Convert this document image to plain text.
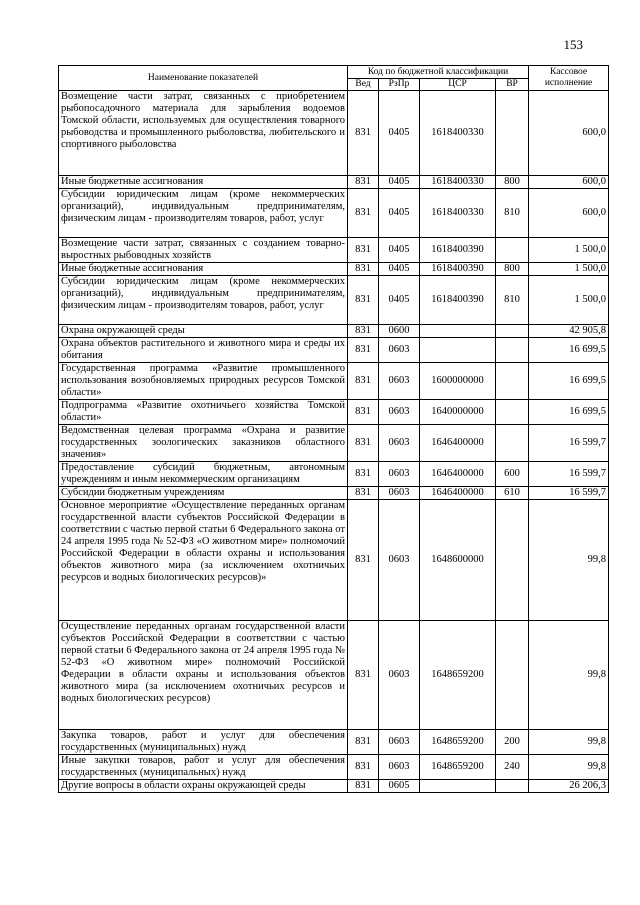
153
Наименование показателей	Код по бюджетной классификации				Кассовое исполнение
	Вед	РзПр	ЦСР	ВР	
Возмещение части затрат, связанных с приобретением рыбопосадочного материала для зарыбления водоемов Томской области, используемых для осуществления товарного рыбоводства и промышленного рыболовства, любительского и спортивного рыболовства	831	0405	1618400330		600,0
Иные бюджетные ассигнования	831	0405	1618400330	800	600,0
Субсидии юридическим лицам (кроме некоммерческих организаций), индивидуальным предпринимателям, физическим лицам - производителям товаров, работ, услуг	831	0405	1618400330	810	600,0
Возмещение части затрат, связанных с созданием товарно-выростных рыбоводных хозяйств	831	0405	1618400390		1 500,0
Иные бюджетные ассигнования	831	0405	1618400390	800	1 500,0
Субсидии юридическим лицам (кроме некоммерческих организаций), индивидуальным предпринимателям, физическим лицам - производителям товаров, работ, услуг	831	0405	1618400390	810	1 500,0
Охрана окружающей среды	831	0600			42 905,8
Охрана объектов растительного и животного мира и среды их обитания	831	0603			16 699,5
Государственная программа «Развитие промышленного использования возобновляемых природных ресурсов Томской области»	831	0603	1600000000		16 699,5
Подпрограмма «Развитие охотничьего хозяйства Томской области»	831	0603	1640000000		16 699,5
Ведомственная целевая программа «Охрана и развитие государственных зоологических заказников областного значения»	831	0603	1646400000		16 599,7
Предоставление субсидий бюджетным, автономным учреждениям и иным некоммерческим организациям	831	0603	1646400000	600	16 599,7
Субсидии бюджетным учреждениям	831	0603	1646400000	610	16 599,7
Основное мероприятие «Осуществление переданных органам государственной власти субъектов Российской Федерации в соответствии с частью первой статьи 6 Федерального закона от 24 апреля 1995 года № 52-ФЗ «О животном мире» полномочий Российской Федерации в области охраны и использования объектов животного мира (за исключением охотничьих ресурсов и водных биологических ресурсов)»	831	0603	1648600000		99,8
Осуществление переданных органам государственной власти субъектов Российской Федерации в соответствии с частью первой статьи 6 Федерального закона от 24 апреля 1995 года № 52-ФЗ «О животном мире» полномочий Российской Федерации в области охраны и использования объектов животного мира (за исключением охотничьих ресурсов и водных биологических ресурсов)	831	0603	1648659200		99,8
Закупка товаров, работ и услуг для обеспечения государственных (муниципальных) нужд	831	0603	1648659200	200	99,8
Иные закупки товаров, работ и услуг для обеспечения государственных (муниципальных) нужд	831	0603	1648659200	240	99,8
Другие вопросы в области охраны окружающей среды	831	0605			26 206,3
